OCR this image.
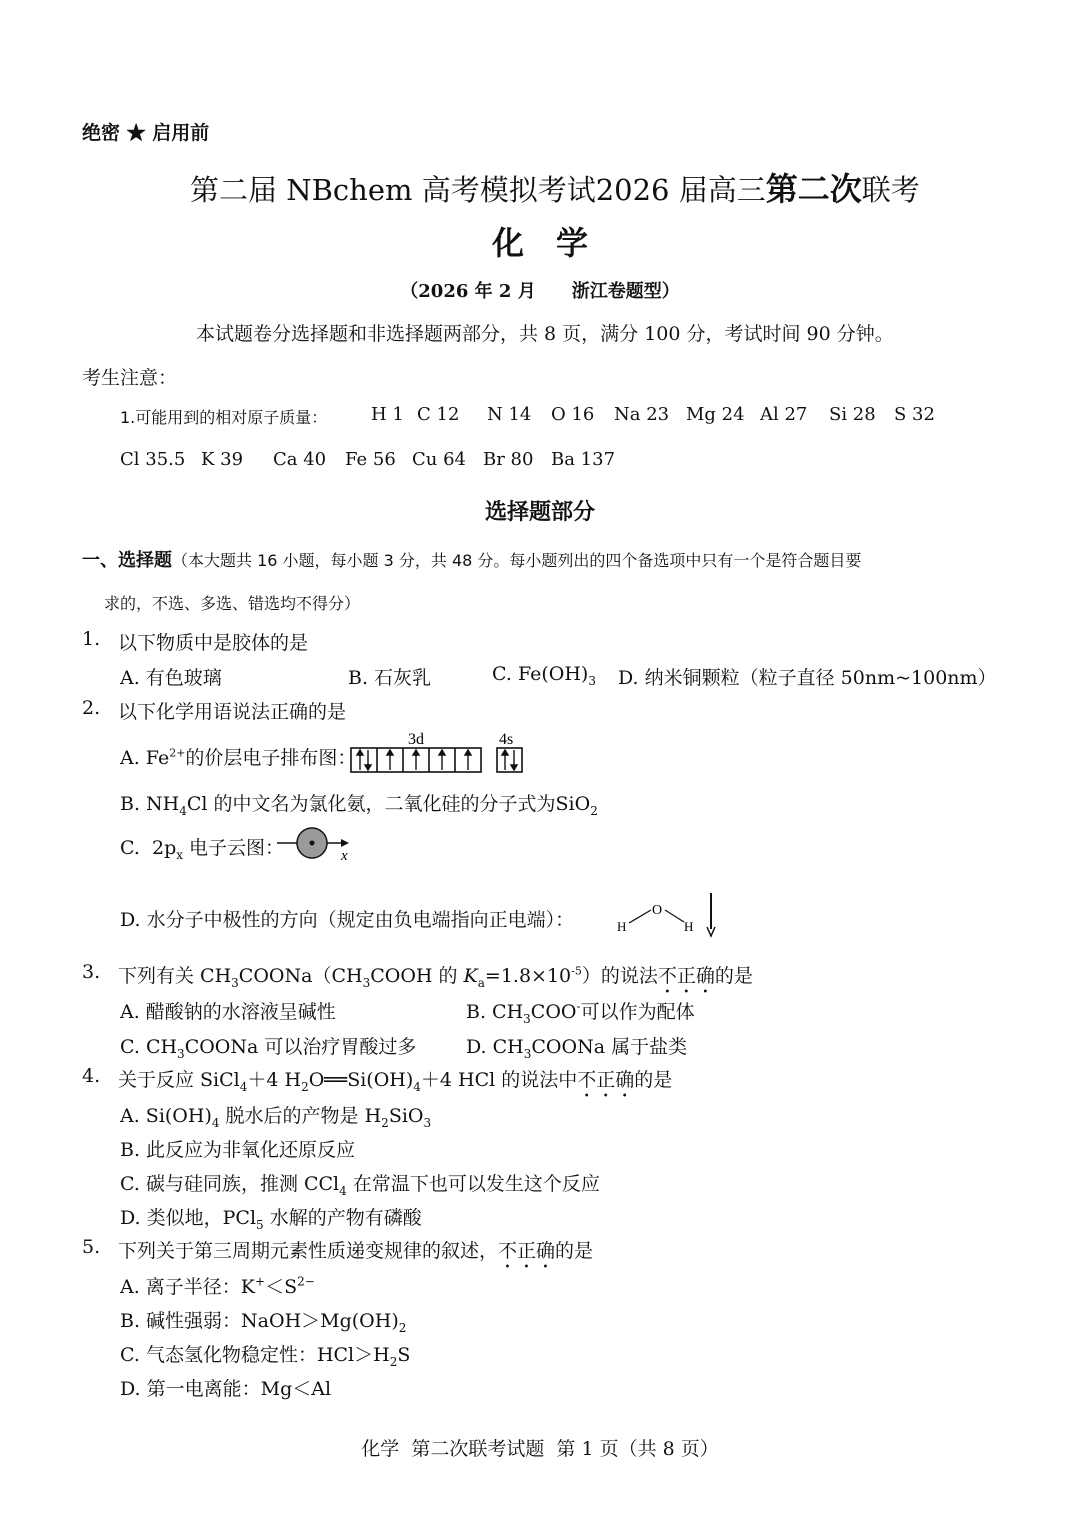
绝密 ★ 启用前
第二届 NBchem 高考模拟考试2026 届高三第二次联考
化　学
（2026 年 2 月　　浙江卷题型）
本试题卷分选择题和非选择题两部分，共 8 页，满分 100 分，考试时间 90 分钟。
考生注意：
1.可能用到的相对原子质量： H 1 C 12 N 14 O 16 Na 23 Mg 24 Al 27 Si 28 S 32
Cl 35.5 K 39 Ca 40 Fe 56 Cu 64 Br 80 Ba 137
选择题部分
一、选择题（本大题共 16 小题，每小题 3 分，共 48 分。每小题列出的四个备选项中只有一个是符合题目要
求的，不选、多选、错选均不得分）
1. 以下物质中是胶体的是
A. 有色玻璃	B. 石灰乳	C. $Fe(OH)_3$ D. 纳米铜颗粒（粒子直径 50nm~100nm）
2. 以下化学用语说法正确的是
A. $Fe^{2+}$的价层电子排布图：
3d	4s
B. $NH_4Cl$ 的中文名为氯化氨，二氧化硅的分子式为SiO$_2$
C.  $2p_x$ 电子云图：	x
D. 水分子中极性的方向（规定由负电端指向正电端）：	O
H	H
3. 下列有关 $CH_3COONa(CH_3COOH$ 的 $K_a=1.8\times 10^{-5}$）的说法不正确的是
A. 醋酸钠的水溶液呈碱性	B. $CH_3COO^-$可以作为配体
C. $CH_3COONa$ 可以治疗胃酸过多	D. $CH_3COONa$ 属于盐类
4. 关于反应 SiCl$_4$＋4 $H_2O══Si(OH)_4+4$ HCl 的说法中不正确的是
A. $Si(OH)_4$ 脱水后的产物是 $H_2SiO_3$
B. 此反应为非氧化还原反应
C. 碳与硅同族，推测 CCl$_4$ 在常温下也可以发生这个反应
D. 类似地，PCl$_5$ 水解的产物有磷酸
5. 下列关于第三周期元素性质递变规律的叙述，不正确的是
A. 离子半径：$K^+<S^{2-}$
B. 碱性强弱：$NaOH>Mg(OH)_2$
C. 气态氢化物稳定性：$HCl>H_2S$
D. 第一电离能：Mg＜Al
化学  第二次联考试题  第 1 页（共 8 页）
